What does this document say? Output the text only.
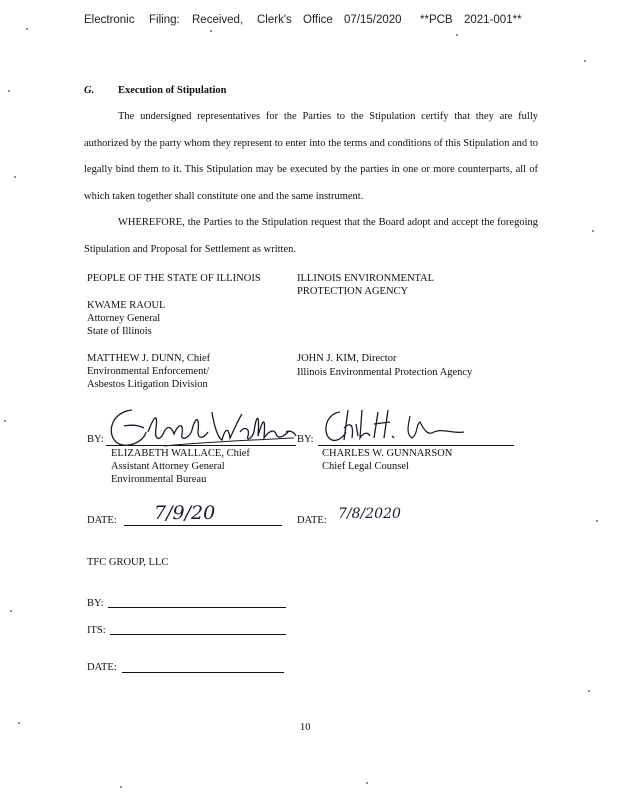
Electronic Filing: Received, Clerk's Office 07/15/2020 **PCB 2021-001**
G. Execution of Stipulation
The undersigned representatives for the Parties to the Stipulation certify that they are fully authorized by the party whom they represent to enter into the terms and conditions of this Stipulation and to legally bind them to it. This Stipulation may be executed by the parties in one or more counterparts, all of which taken together shall constitute one and the same instrument.
WHEREFORE, the Parties to the Stipulation request that the Board adopt and accept the foregoing Stipulation and Proposal for Settlement as written.
PEOPLE OF THE STATE OF ILLINOIS
KWAME RAOUL
Attorney General
State of Illinois
MATTHEW J. DUNN, Chief
Environmental Enforcement/
Asbestos Litigation Division
ILLINOIS ENVIRONMENTAL
PROTECTION AGENCY
JOHN J. KIM, Director
Illinois Environmental Protection Agency
BY:
ELIZABETH WALLACE, Chief
Assistant Attorney General
Environmental Bureau
BY:
CHARLES W. GUNNARSON
Chief Legal Counsel
DATE: 7/9/20	DATE: 7/8/2020
TFC GROUP, LLC
BY:
ITS:
DATE:
10
